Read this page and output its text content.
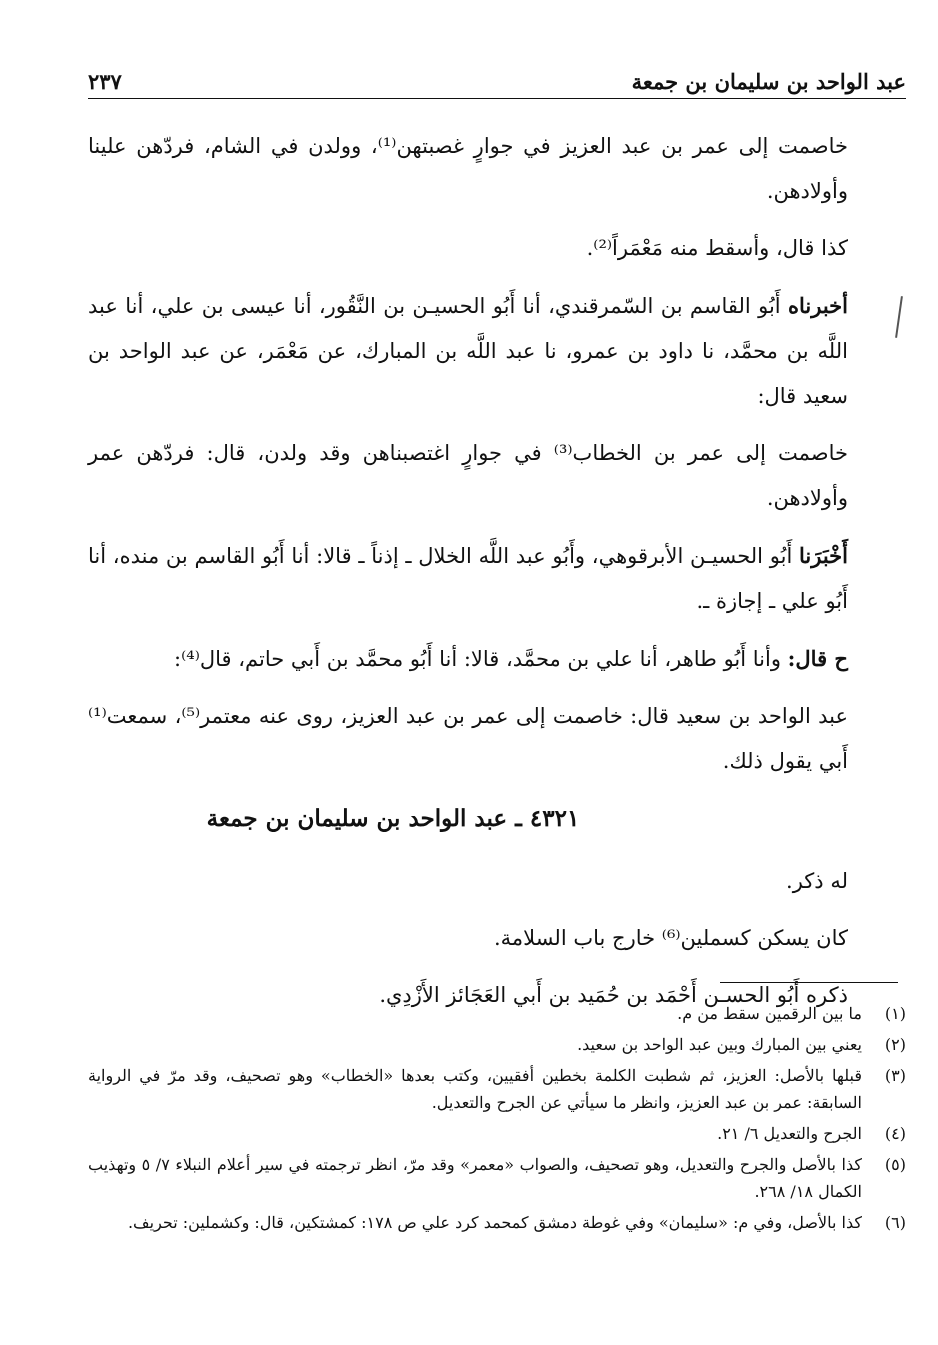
عبد الواحد بن سليمان بن جمعة
٢٣٧

خاصمت إلى عمر بن عبد العزيز في جوارٍ غصبتهن⁽¹⁾، وولدن في الشام، فردّهن علينا وأولادهن.

كذا قال، وأسقط منه مَعْمَراً⁽²⁾.

أخبرناه أَبُو القاسم بن السّمرقندي، أنا أَبُو الحسيـن بن النَّقُور، أنا عيسى بن علي، أنا عبد اللَّه بن محمَّد، نا داود بن عمرو، نا عبد اللَّه بن المبارك، عن مَعْمَر، عن عبد الواحد بن سعيد قال:

خاصمت إلى عمر بن الخطاب⁽³⁾ في جوارٍ اغتصبناهن وقد ولدن، قال: فردّهن عمر وأولادهن.

أَخْبَرَنا أَبُو الحسيـن الأبرقوهي، وأَبُو عبد اللَّه الخلال ـ إذناً ـ قالا: أنا أَبُو القاسم بن منده، أنا أَبُو علي ـ إجازة ـ.

ح قال: وأنا أَبُو طاهر، أنا علي بن محمَّد، قالا: أنا أَبُو محمَّد بن أَبي حاتم، قال⁽⁴⁾:

عبد الواحد بن سعيد قال: خاصمت إلى عمر بن عبد العزيز، روى عنه معتمر⁽⁵⁾، سمعت⁽¹⁾ أَبي يقول ذلك.

٤٣٢١ ـ عبد الواحد بن سليمان بن جمعة

له ذكر.

كان يسكن كسملين⁽⁶⁾ خارج باب السلامة.

ذكره أَبُو الحسـن أَحْمَد بن حُمَيد بن أَبي العَجَائز الأَزْدِي.

(١)
ما بين الرقمين سقط من م.
(٢)
يعني بين المبارك وبين عبد الواحد بن سعيد.
(٣)
قبلها بالأصل: العزيز، ثم شطبت الكلمة بخطين أفقيين، وكتب بعدها «الخطاب» وهو تصحيف، وقد مرّ في الرواية السابقة: عمر بن عبد العزيز، وانظر ما سيأتي عن الجرح والتعديل.
(٤)
الجرح والتعديل ٦/ ٢١.
(٥)
كذا بالأصل والجرح والتعديل، وهو تصحيف، والصواب «معمر» وقد مرّ، انظر ترجمته في سير أعلام النبلاء ٧/ ٥ وتهذيب الكمال ١٨/ ٢٦٨.
(٦)
كذا بالأصل، وفي م: «سليمان» وفي غوطة دمشق كمحمد كرد علي ص ١٧٨: كمشتكين، قال: وكشملين: تحريف.
